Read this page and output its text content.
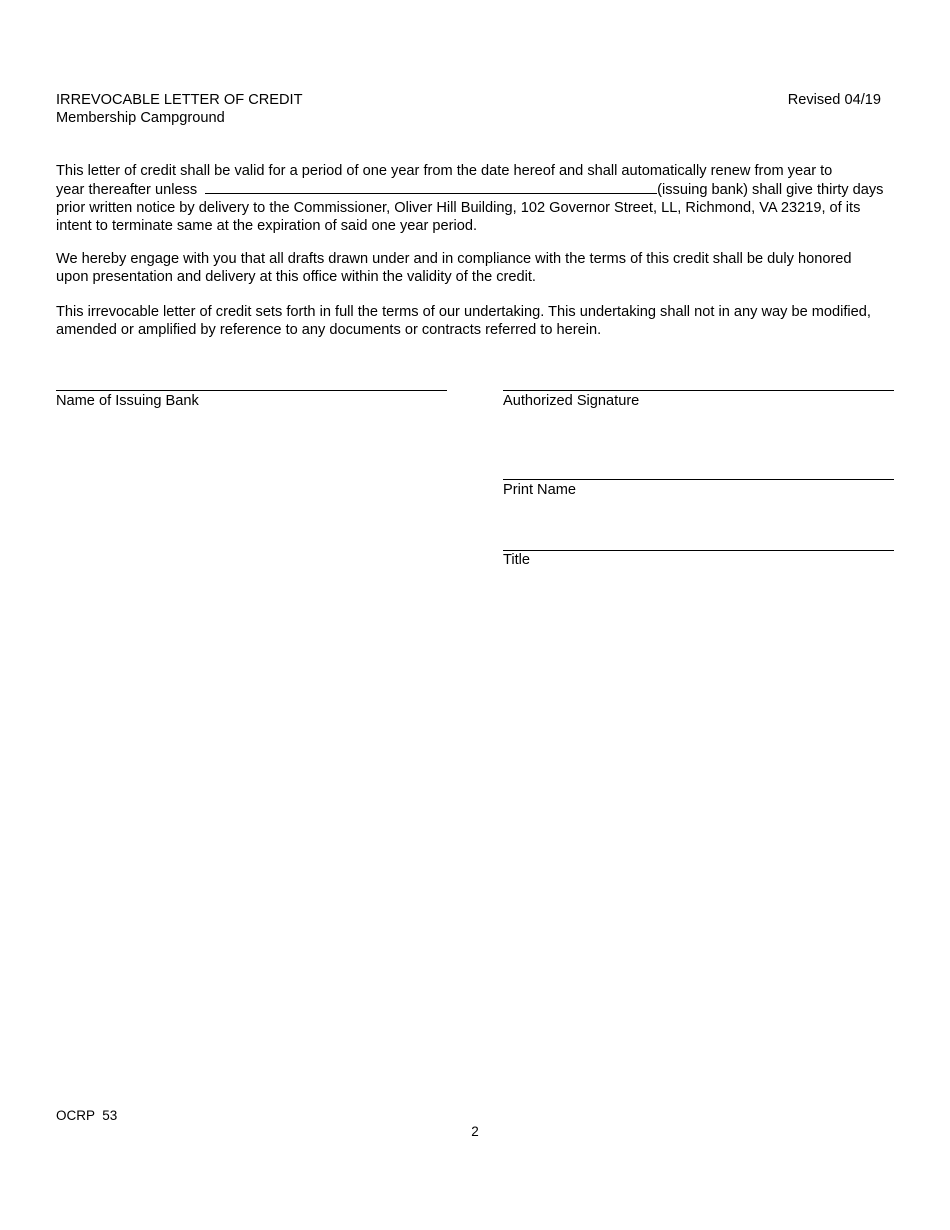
IRREVOCABLE LETTER OF CREDIT
Membership Campground
Revised 04/19

This letter of credit shall be valid for a period of one year from the date hereof and shall automatically renew from year to
year thereafter unless	(issuing bank) shall give thirty days prior written notice by delivery to the Commissioner, Oliver Hill Building, 102 Governor Street, LL, Richmond, VA 23219, of its intent to terminate same at the expiration of said one year period.

We hereby engage with you that all drafts drawn under and in compliance with the terms of this credit shall be duly honored upon presentation and delivery at this office within the validity of the credit.

This irrevocable letter of credit sets forth in full the terms of our undertaking. This undertaking shall not in any way be modified, amended or amplified by reference to any documents or contracts referred to herein.

Name of Issuing Bank	Authorized Signature
Print Name
Title
OCRP  53
2
